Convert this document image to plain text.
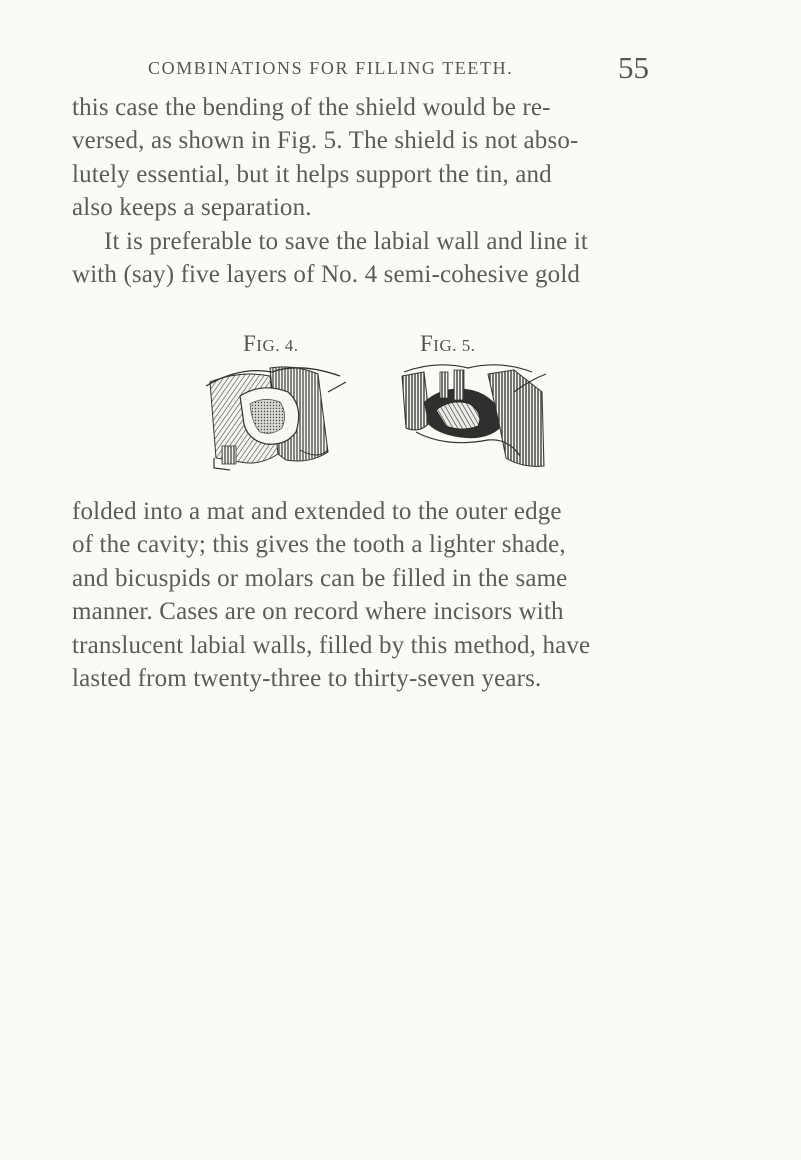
COMBINATIONS FOR FILLING TEETH.	55
this case the bending of the shield would be re-
versed, as shown in Fig. 5. The shield is not abso-
lutely essential, but it helps support the tin, and
also keeps a separation.
It is preferable to save the labial wall and line it
with (say) five layers of No. 4 semi-cohesive gold
FIG. 4.	FIG. 5.
folded into a mat and extended to the outer edge
of the cavity; this gives the tooth a lighter shade,
and bicuspids or molars can be filled in the same
manner. Cases are on record where incisors with
translucent labial walls, filled by this method, have
lasted from twenty-three to thirty-seven years.
